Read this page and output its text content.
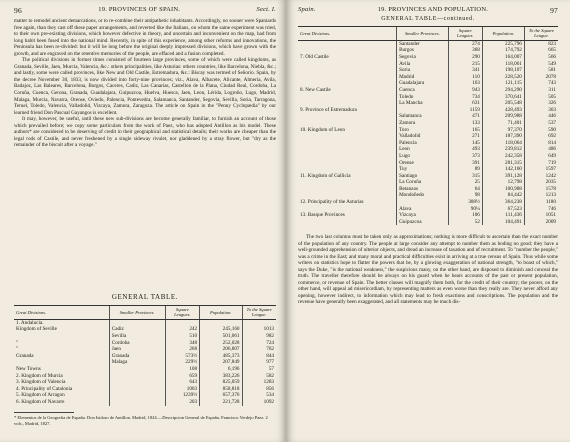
96	19. PROVINCES OF SPAIN.	Sect. I.

matter to remodel ancient demarcations, or to re-combine their antipathetic inhabitants. Accordingly, no sooner were Spaniards free again, than they cast off these paper arrangements, and reverted like the Italians, on whom the same experiment was tried, to their own pre-existing divisions, which however defective in theory, and uncertain and inconvenient on the map, had from long habit been fused into the national mind. Recently, in spite of this experience, among other reforms and innovations, the Peninsula has been re-divided: but it will be long before the original deeply impressed divisions, which have grown with the growth, and are engraved on the retentive memories of the people, are effaced and a fusion completed.

The political divisions in former times consisted of fourteen large provinces, some of which were called kingdoms, as Granada, Seville, Jaen, Murcia, Valencia, &c.: others principalities, like Asturias: others countries, like Barcelona, Niebla, &c.; and lastly, some were called provinces, like New and Old Castile, Estremadura, &c.: Biscay was termed of Señorio. Spain, by the decree November 30, 1833, is now divided into forty-nine provinces; viz., Alava, Albacete, Alicante, Almeria, Avila, Badajoz, Las Baleares, Barcelona, Burgos, Caceres, Cadiz, Las Canarias, Castellon de la Plana, Ciudad Real, Cordoba, La Coruña, Cuenca, Gerona, Granada, Guadalajara, Guipuzcoa, Huelva, Huesca, Jaen, Leon, Lérida, Logroño, Lugo, Madrid, Malaga, Murcia, Navarra, Orense, Oviedo, Palencia, Pontevedra, Salamanca, Santander, Segovia, Sevilla, Soria, Tarragona, Teruel, Toledo, Valencia, Valladolid, Vizcaya, Zamora, Zaragoza. The article on Spain in the "Penny Cyclopædia" by our learned friend Don Pascual Gayangos is excellent.

It may, however, be useful, until these new sub-divisions are become generally familiar, to furnish an account of those which prevailed before; we copy some particulars from the work of Paez, who has adopted Antillon as his model. These authors* are considered to be deserving of credit in their geographical and statistical details; their works are cheaper than the legal rods of Castile, and never freshened by a single sideway rivulet, nor gladdened by a stray flower, but "dry as the remainder of the biscuit after a voyage."

GENERAL TABLE.
Great Divisions.	Smaller Provinces.	Square Leagues.	Population.	To the Square League.
1. Andalucia.				
Kingdom of Seville	Cadiz	242	245,160	1013
	Sevilla	510	501,061	982
"	Cordoba	348	252,028	724
"	Jaen	268	206,807	762
Granada	Granada	573½	485,373	844
	Malaga	229½	207,849	977
New Towns		108	6,196	57
2. Kingdom of Murcia		659	383,226	582
3. Kingdom of Valencia		643	825,059	1283
4. Principality of Catalonia		1003	858,818	856
5. Kingdom of Arragon		1239½	657,376	534
6. Kingdom of Navarre		203	221,728	1092
* Elementos de la Geografia de España. Don Isidoro de Antillon. Madrid, 1824.—Descripcion General de España. Francisco Verdejo Paez. 2 vols., Madrid, 1827.
Spain.	19. PROVINCES AND POPULATION.	97
GENERAL TABLE—continued.
Great Divisions.	Smaller Provinces.	Square Leagues.	Population.	To the Square League.
	Santander	274	225,796	823
	Burgos	368	174,792	665
7. Old Castile	Segovia	290	164,007	566
	Avila	215	118,061	549
	Soria	341	198,107	581
	Madrid	110	228,520	2078
	Guadalajara	163	121,115	743
8. New Castile	Cuenca	943	294,290	311
	Toledo	734	370,641	505
	La Mancha	631	205,548	326
9. Province of Estremadura		1159	428,493	303
	Salamanca	471	209,988	446
	Zamora	133	71,401	537
10. Kingdom of Leon	Toro	165	97,370	590
	Valladolid	271	187,390	692
	Palencia	145	118,064	814
	Leon	493	239,812	486
	Lugo	373	242,358	649
	Orense	391	281,315	719
	Tuy	89	142,160	1597
11. Kingdom of Gallicia	Santiago	315	391,128	1242
	La Coruña	25	12,798	2035
	Betanzos	64	100,988	1578
	Mondoñedo	98	84,442	1213
12. Principality of the Asturias		308½	364,238	1180
	Alava	90¼	67,523	746
13. Basque Provinces	Vizcaya	106	111,436	1051
	Guipuzcoa	52	104,491	2009

The two last columns must be taken only as approximations; nothing is more difficult to ascertain than the exact number of the population of any country. The people at large consider any attempt to number them as boding no good; they have a well-grounded apprehension of ulterior objects, and dread an increase of taxation and of recruitment. To "number the people," was a crime in the East; and many moral and practical difficulties exist in arriving at a true census of Spain. Thus while some writers on statistics hope to flatter the powers that be, by a glowing exaggeration of national strength, "to boast of which," says the Duke, "is the national weakness," the suspicious many, on the other hand, are disposed to diminish and conceal the truth. The traveller therefore should be always on his guard when he hears accounts of the past or present population, commerce, or revenue of Spain. The better classes will magnify them both, for the credit of their country; the poorer, on the other hand, will appeal ad misericordiam, by representing matters as even worse than they really are. They never afford any opening, however indirect, to information which may lead to fresh exactions and conscriptions. The population and the revenue have generally been exaggerated, and all statements may be much dis-
